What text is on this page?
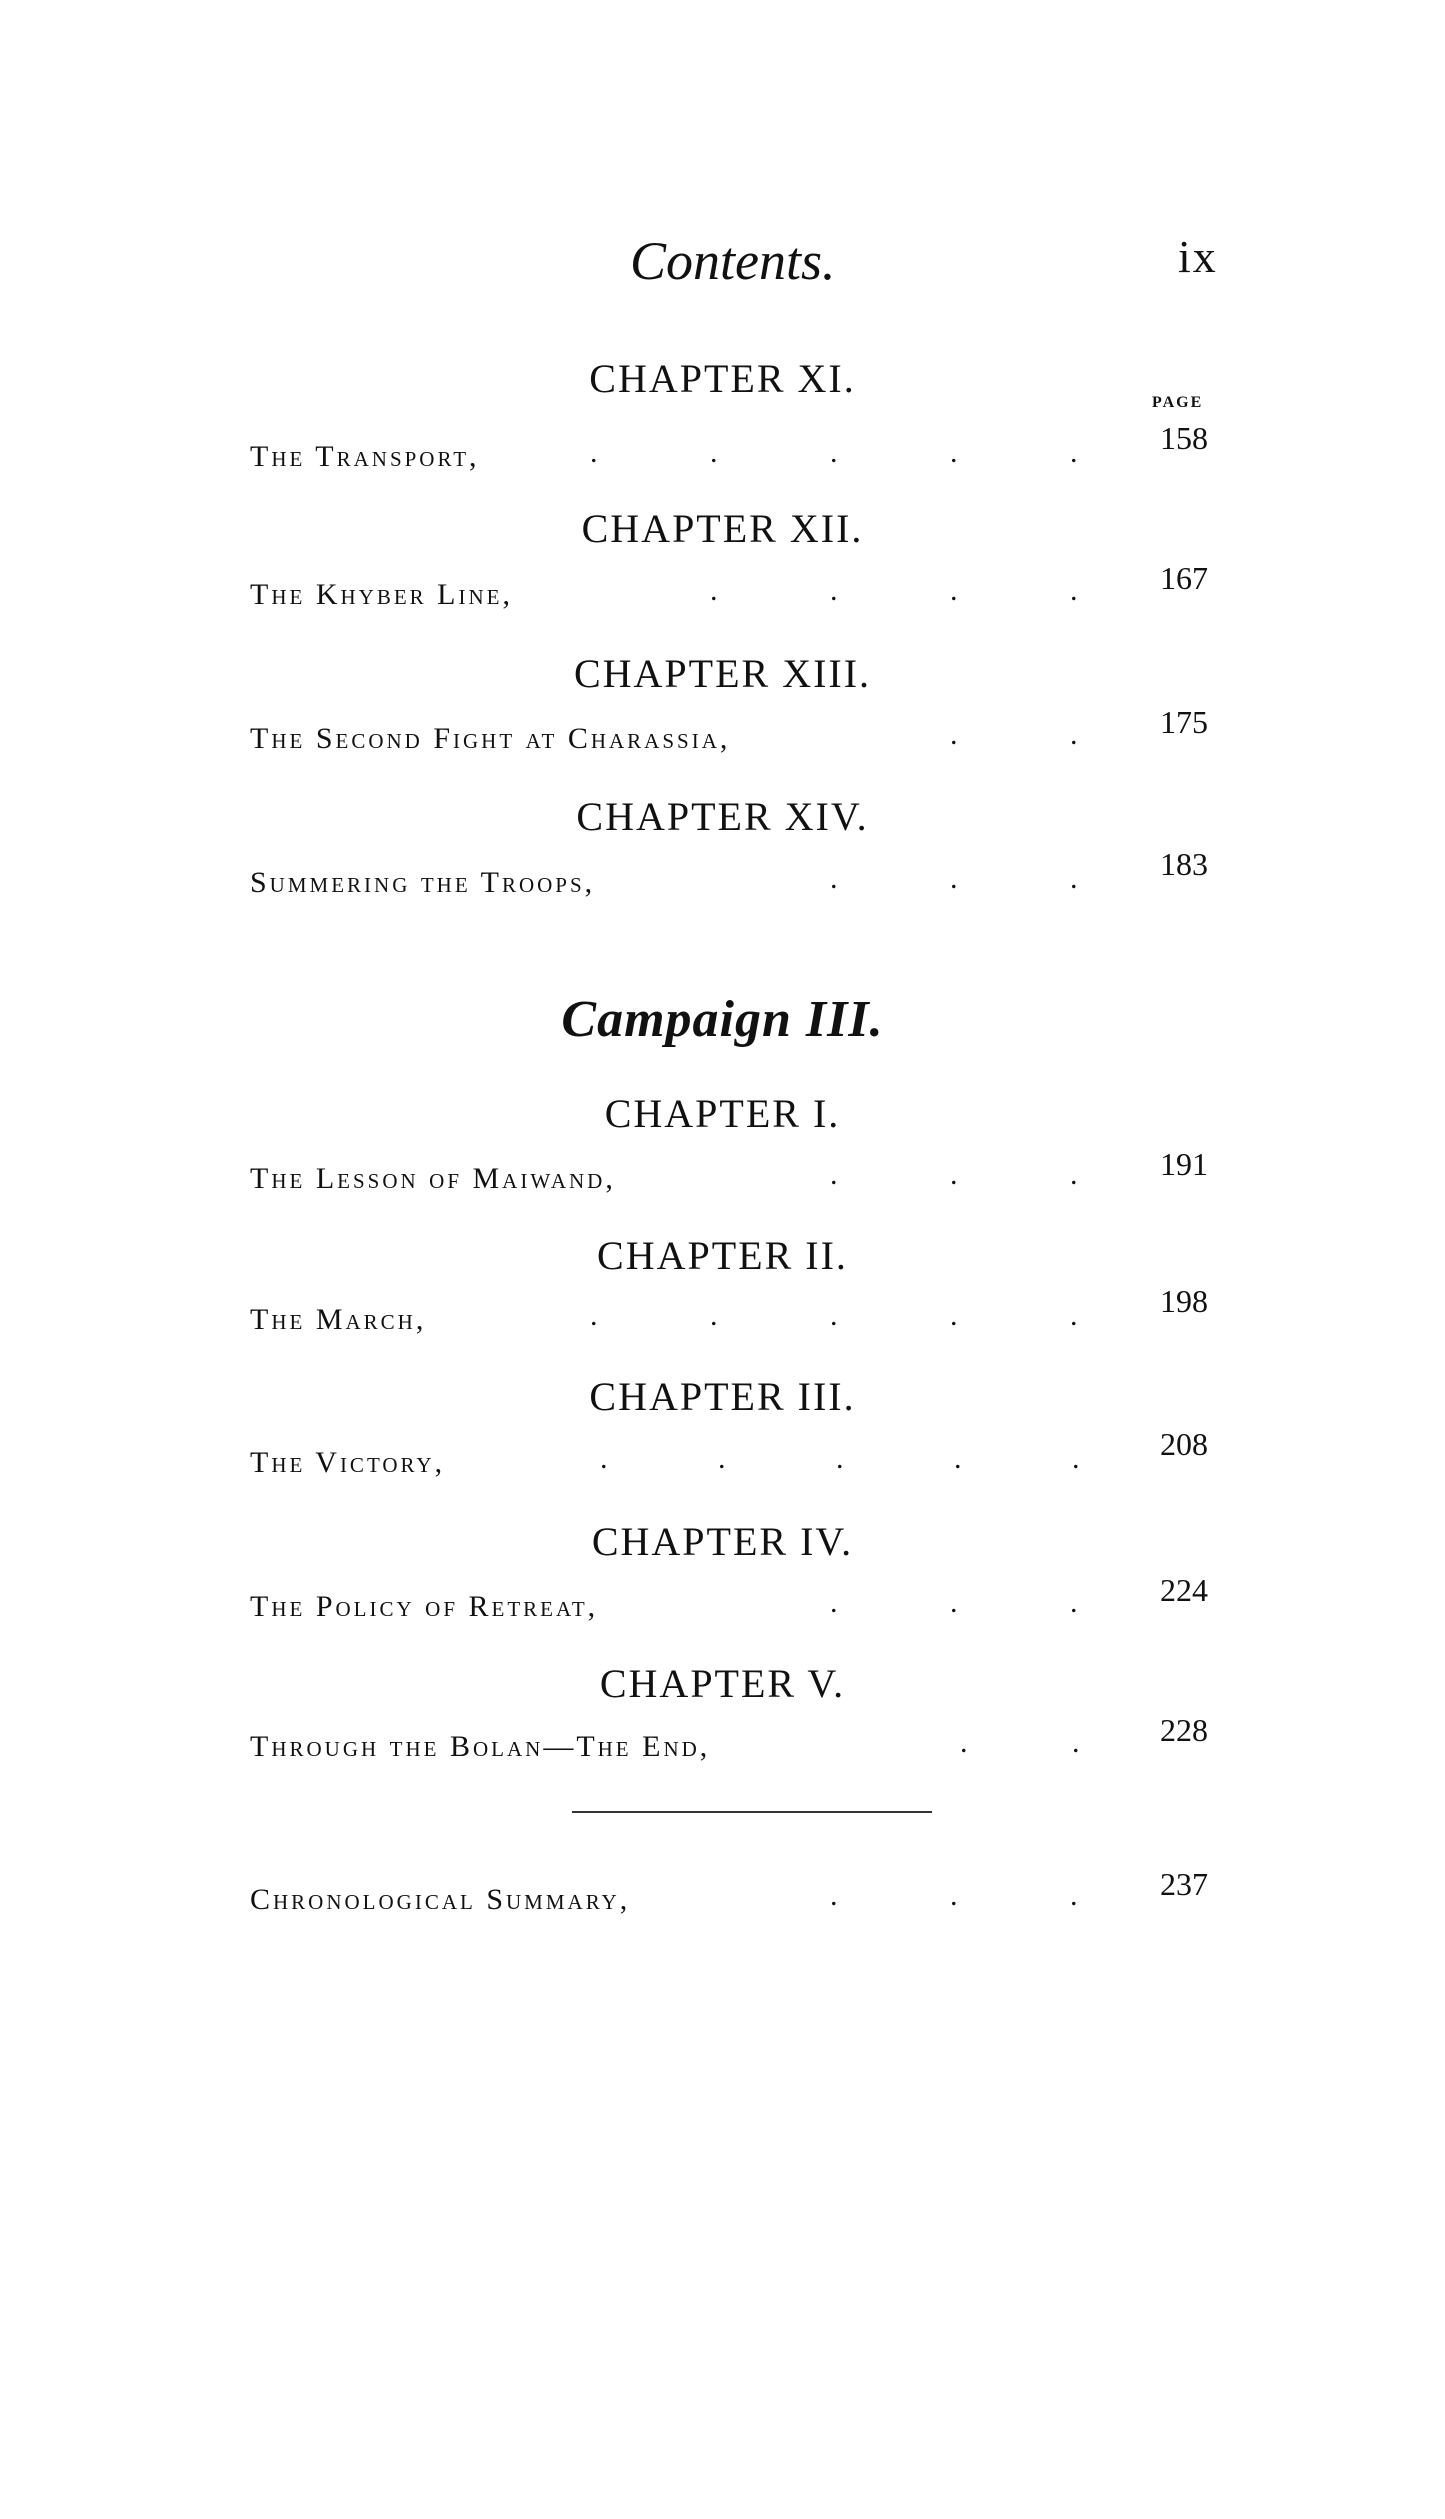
Contents.	ix
PAGE
CHAPTER XI.
The Transport,	.	.	.	.	.	158
CHAPTER XII.
The Khyber Line,	.	.	.	.	167
CHAPTER XIII.
The Second Fight at Charassia,	.	.	175
CHAPTER XIV.
Summering the Troops,	.	.	.	183
Campaign III.
CHAPTER I.
The Lesson of Maiwand,	.	.	.	191
CHAPTER II.
The March,	.	.	.	.	.	198
CHAPTER III.
The Victory,	.	.	.	.	.	208
CHAPTER IV.
The Policy of Retreat,	.	.	.	224
CHAPTER V.
Through the Bolan—The End,	.	.	228
Chronological Summary,	.	.	.	237
